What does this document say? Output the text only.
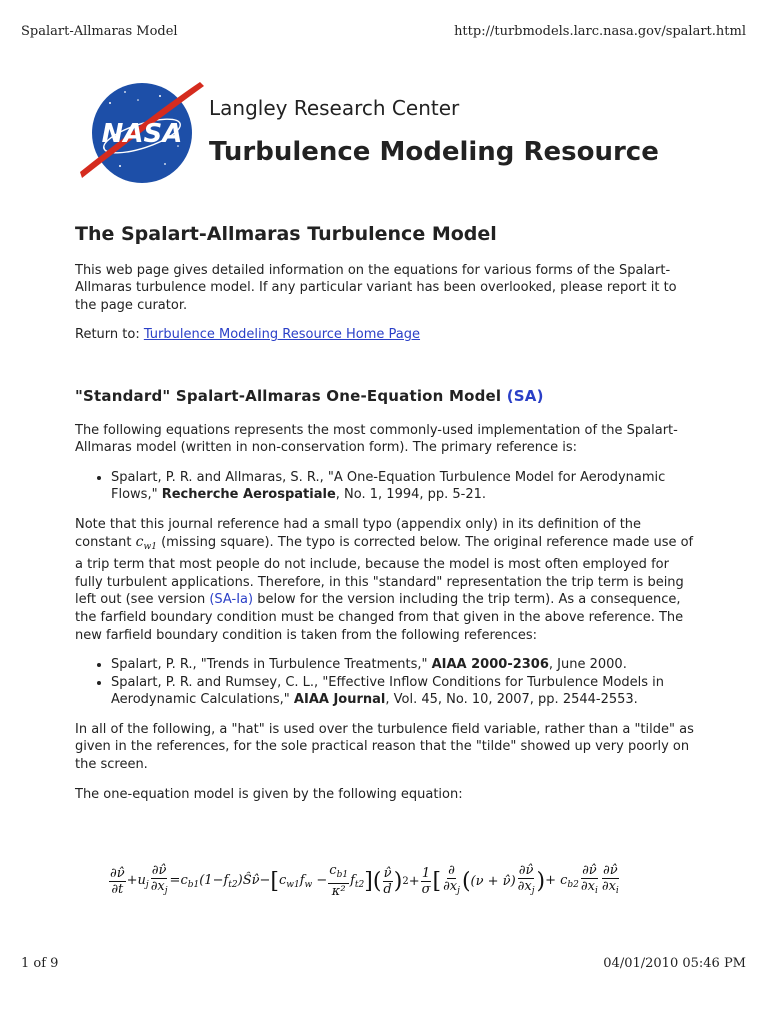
Spalart-Allmaras Model	http://turbmodels.larc.nasa.gov/spalart.html
NASA
Langley Research Center
Turbulence Modeling Resource
The Spalart-Allmaras Turbulence Model

This web page gives detailed information on the equations for various forms of the Spalart-Allmaras turbulence model. If any particular variant has been overlooked, please report it to the page curator.

Return to: Turbulence Modeling Resource Home Page

"Standard" Spalart-Allmaras One-Equation Model (SA)

The following equations represents the most commonly-used implementation of the Spalart-Allmaras model (written in non-conservation form). The primary reference is:

• Spalart, P. R. and Allmaras, S. R., "A One-Equation Turbulence Model for Aerodynamic Flows," Recherche Aerospatiale, No. 1, 1994, pp. 5-21.

Note that this journal reference had a small typo (appendix only) in its definition of the constant $c_{w1}$ (missing square). The typo is corrected below. The original reference made use of a trip term that most people do not include, because the model is most often employed for fully turbulent applications. Therefore, in this "standard" representation the trip term is being left out (see version (SA-Ia) below for the version including the trip term). As a consequence, the farfield boundary condition must be changed from that given in the above reference. The new farfield boundary condition is taken from the following references:

• Spalart, P. R., "Trends in Turbulence Treatments," AIAA 2000-2306, June 2000.
• Spalart, P. R. and Rumsey, C. L., "Effective Inflow Conditions for Turbulence Models in Aerodynamic Calculations," AIAA Journal, Vol. 45, No. 10, 2007, pp. 2544-2553.

In all of the following, a "hat" is used over the turbulence field variable, rather than a "tilde" as given in the references, for the sole practical reason that the "tilde" showed up very poorly on the screen.

The one-equation model is given by the following equation:

$\frac{\partial\nû}{\partial t} +u_j \frac{\partial\nû}{\partial x_j}$ $=c_{b1}(1-f_{t2})Ŝ\nû-$ [ $c_{w1}f_w - \frac{c_{b1}}{\text{κ²}} f_{t2}$ ] ( $\frac{\nû}{d}$ ) $2 + \frac{1}{\sigma}$ [ $\frac{\partial}{\partial x_j}$ ( (ν + ν̂) $\frac{\partial\nû}{\partial x_j}$ ) + $c_{b2} \frac{\partial\nû}{\partial x_i} \frac{\partial\nû}{\partial x_i}$
1 of 9	04/01/2010 05:46 PM
